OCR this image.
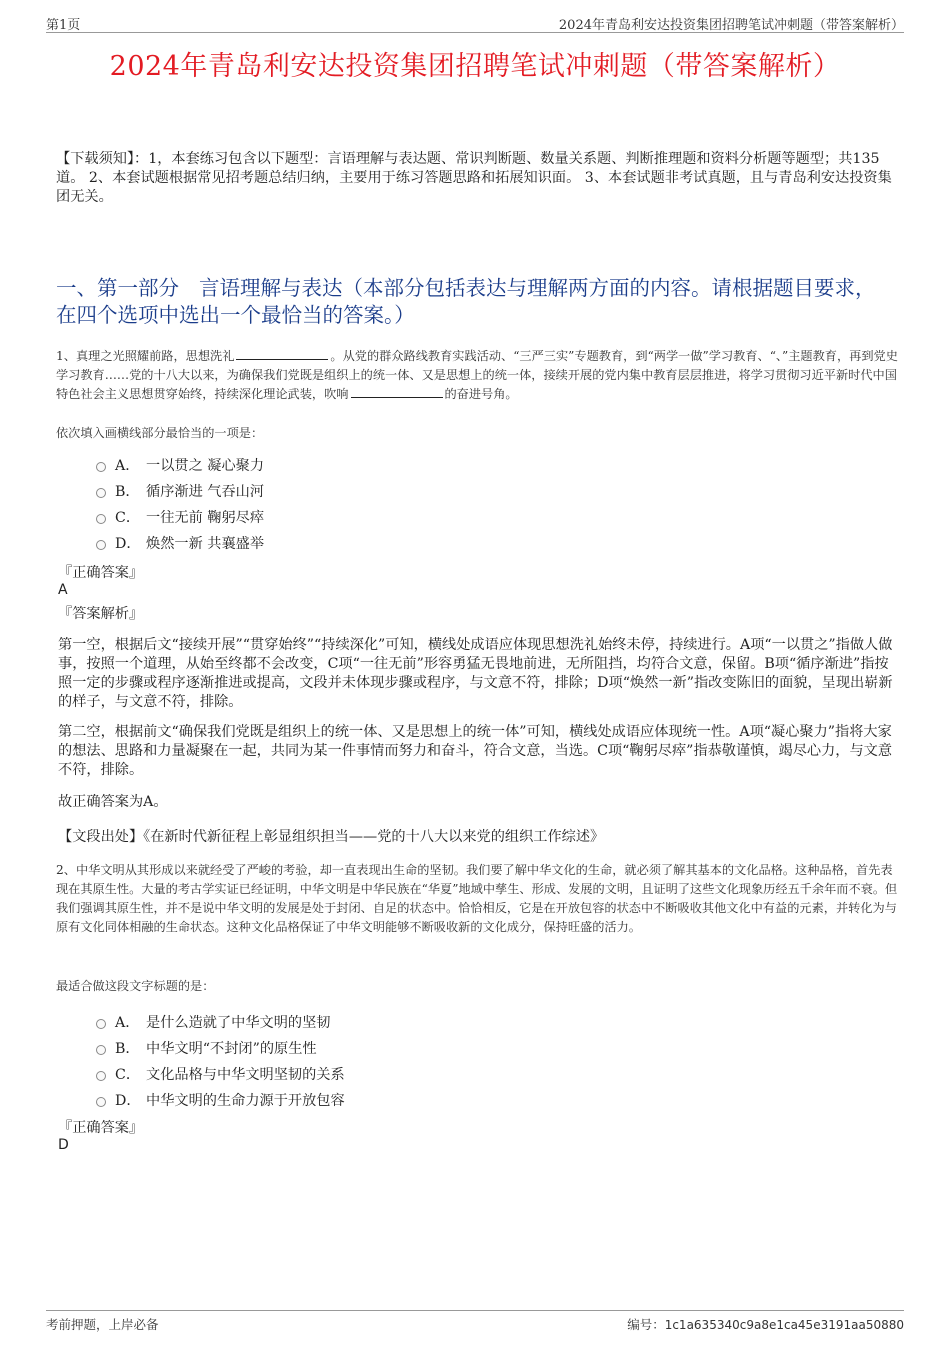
第1页	2024年青岛利安达投资集团招聘笔试冲刺题（带答案解析）
2024年青岛利安达投资集团招聘笔试冲刺题（带答案解析）
【下载须知】：1，本套练习包含以下题型：言语理解与表达题、常识判断题、数量关系题、判断推理题和资料分析题等题型；共135道。 2、本套试题根据常见招考题总结归纳，主要用于练习答题思路和拓展知识面。 3、本套试题非考试真题，且与青岛利安达投资集团无关。
一、第一部分 言语理解与表达（本部分包括表达与理解两方面的内容。请根据题目要求，在四个选项中选出一个最恰当的答案。）
1、真理之光照耀前路，思想洗礼	。从党的群众路线教育实践活动、“三严三实”专题教育，到“两学一做”学习教育、“、”主题教育，再到党史学习教育……党的十八大以来，为确保我们党既是组织上的统一体、又是思想上的统一体，接续开展的党内集中教育层层推进，将学习贯彻习近平新时代中国特色社会主义思想贯穿始终，持续深化理论武装，吹响	的奋进号角。
依次填入画横线部分最恰当的一项是：
A． 一以贯之 凝心聚力
B． 循序渐进 气吞山河
C． 一往无前 鞠躬尽瘁
D． 焕然一新 共襄盛举
『正确答案』
A
『答案解析』
第一空，根据后文“接续开展”“贯穿始终”“持续深化”可知，横线处成语应体现思想洗礼始终未停，持续进行。A项“一以贯之”指做人做事，按照一个道理，从始至终都不会改变，C项“一往无前”形容勇猛无畏地前进，无所阻挡，均符合文意，保留。B项“循序渐进”指按照一定的步骤或程序逐渐推进或提高，文段并未体现步骤或程序，与文意不符，排除；D项“焕然一新”指改变陈旧的面貌，呈现出崭新的样子，与文意不符，排除。
第二空，根据前文“确保我们党既是组织上的统一体、又是思想上的统一体”可知，横线处成语应体现统一性。A项“凝心聚力”指将大家的想法、思路和力量凝聚在一起，共同为某一件事情而努力和奋斗，符合文意，当选。C项“鞠躬尽瘁”指恭敬谨慎，竭尽心力，与文意不符，排除。
故正确答案为A。
【文段出处】《在新时代新征程上彰显组织担当——党的十八大以来党的组织工作综述》
2、中华文明从其形成以来就经受了严峻的考验，却一直表现出生命的坚韧。我们要了解中华文化的生命，就必须了解其基本的文化品格。这种品格，首先表现在其原生性。大量的考古学实证已经证明，中华文明是中华民族在“华夏”地域中孳生、形成、发展的文明，且证明了这些文化现象历经五千余年而不衰。但我们强调其原生性，并不是说中华文明的发展是处于封闭、自足的状态中。恰恰相反，它是在开放包容的状态中不断吸收其他文化中有益的元素，并转化为与原有文化同体相融的生命状态。这种文化品格保证了中华文明能够不断吸收新的文化成分，保持旺盛的活力。
最适合做这段文字标题的是：
A． 是什么造就了中华文明的坚韧
B． 中华文明“不封闭”的原生性
C． 文化品格与中华文明坚韧的关系
D． 中华文明的生命力源于开放包容
『正确答案』
D
考前押题，上岸必备	编号：1c1a635340c9a8e1ca45e3191aa50880
